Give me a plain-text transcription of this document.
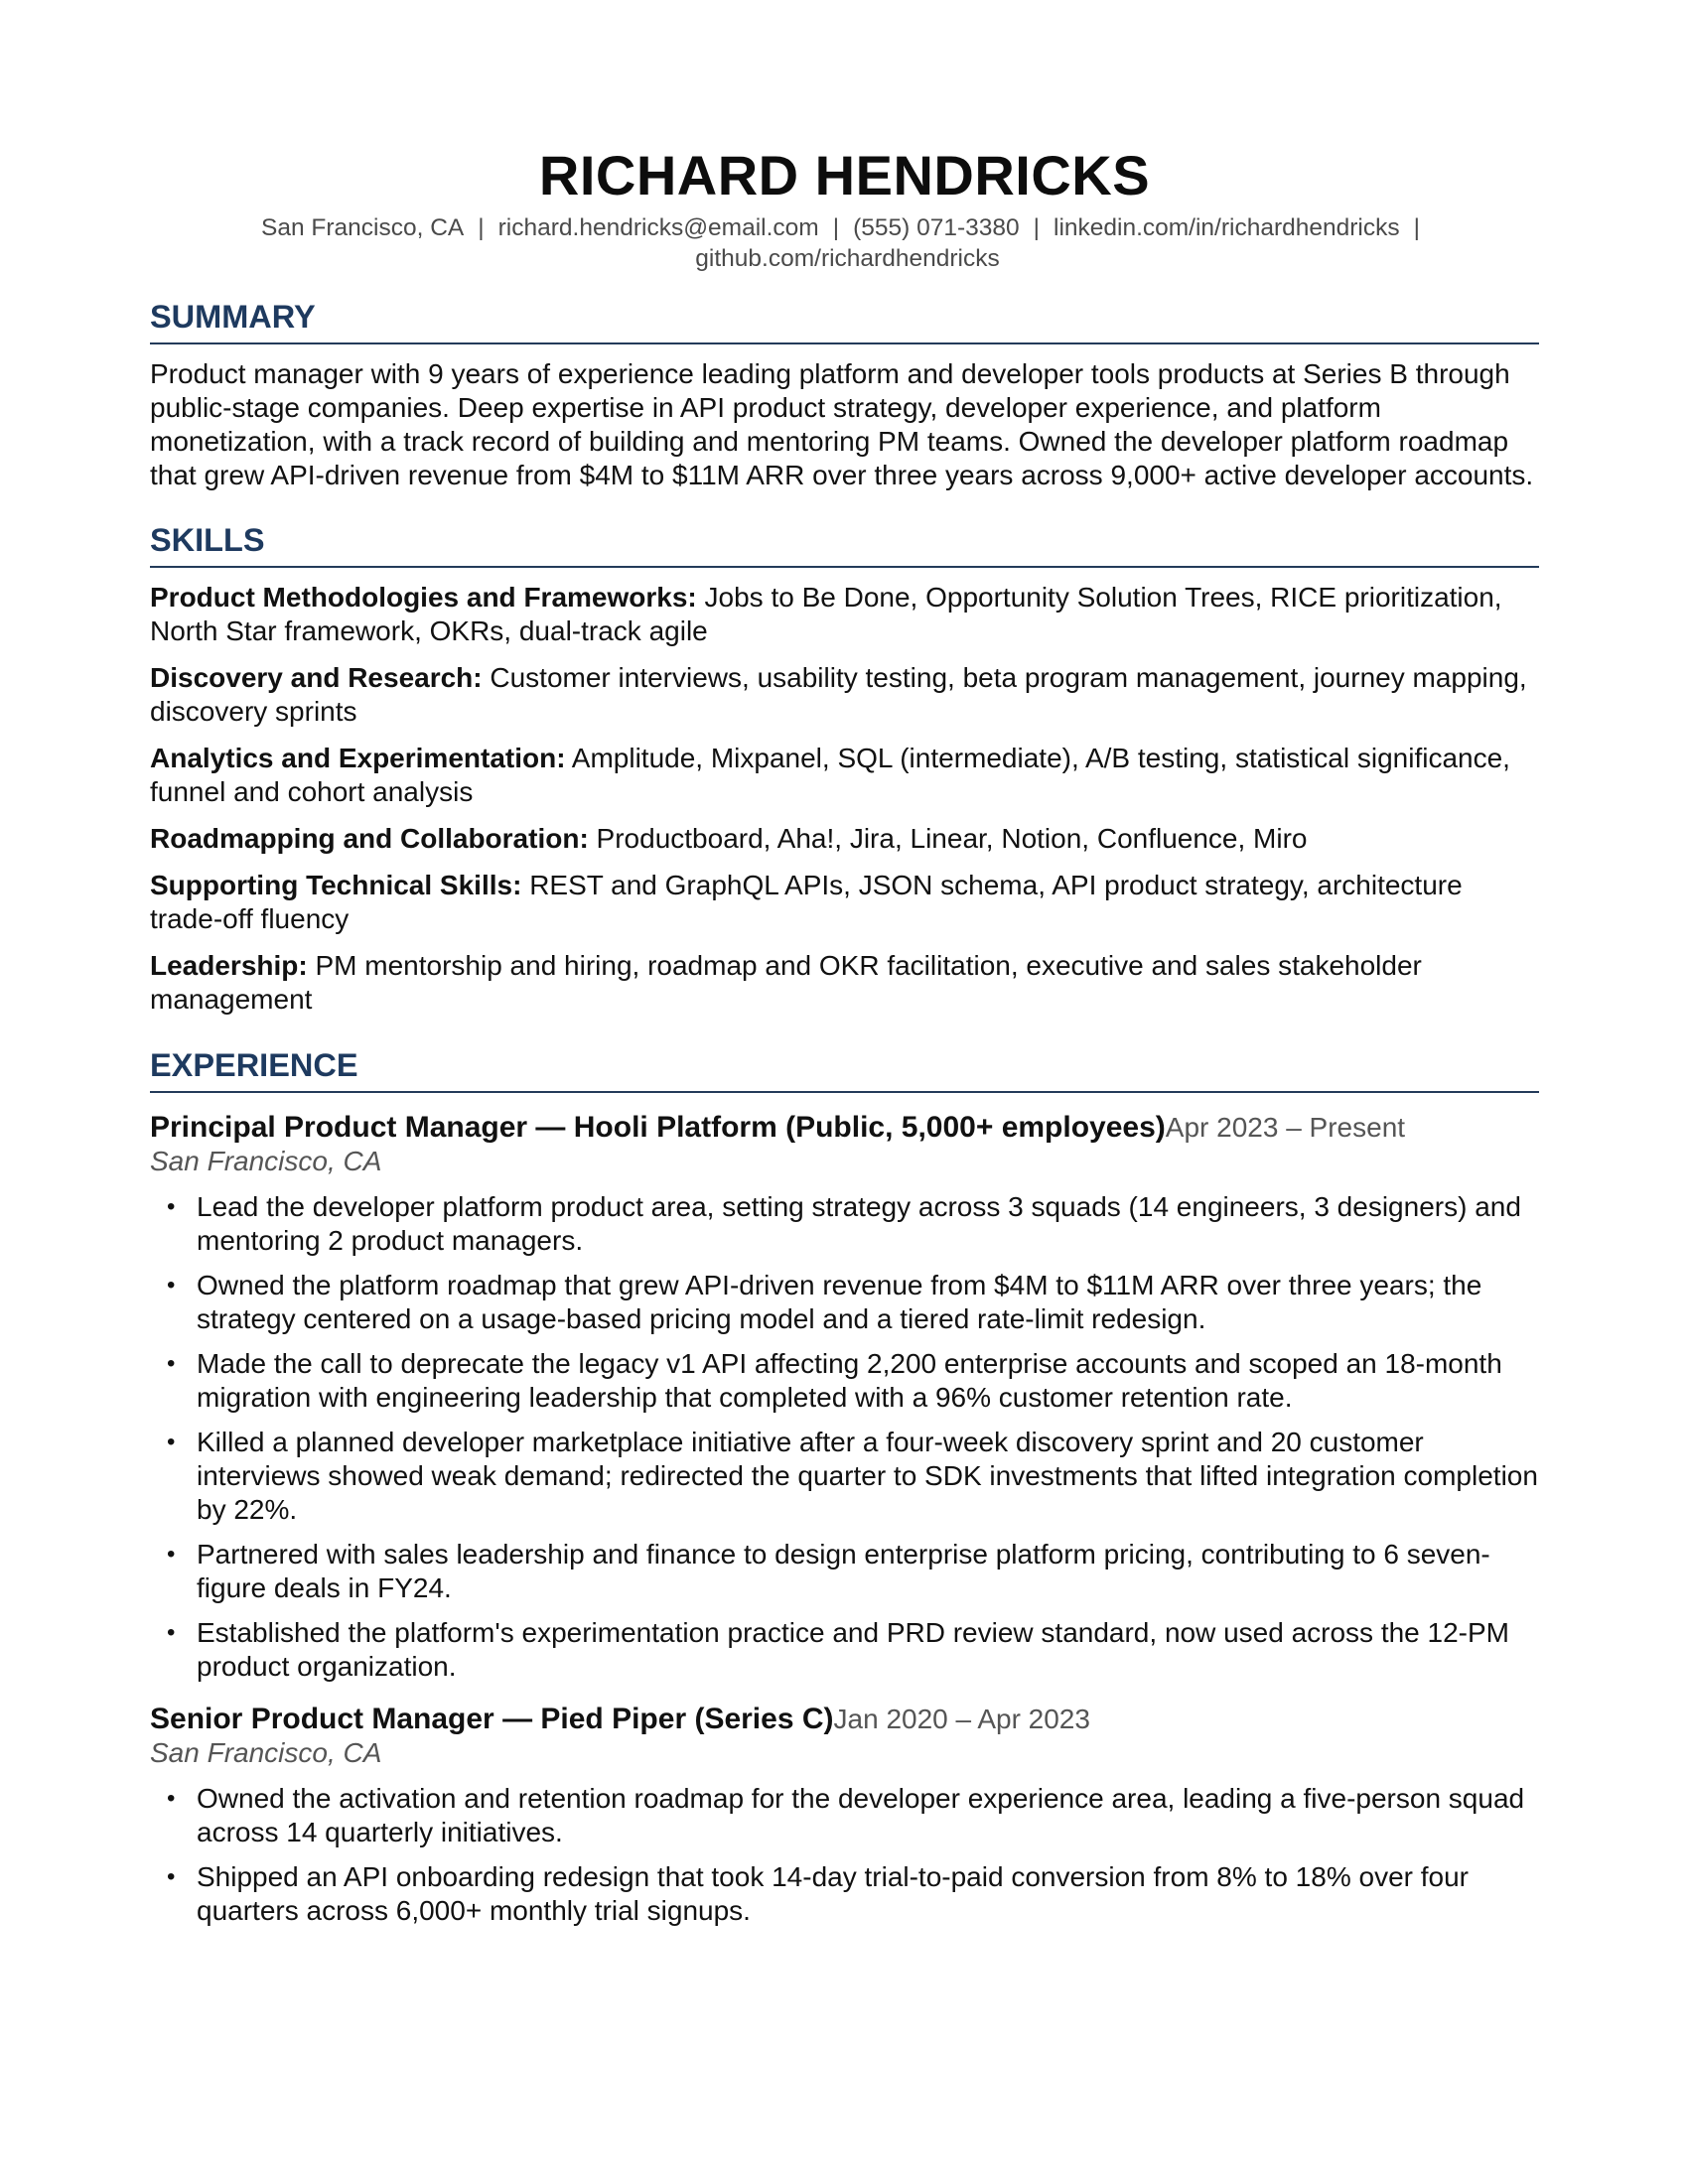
RICHARD HENDRICKS
San Francisco, CA | richard.hendricks@email.com | (555) 071-3380 | linkedin.com/in/richardhendricks |github.com/richardhendricks
SUMMARY

Product manager with 9 years of experience leading platform and developer tools products at Series B through public-stage companies. Deep expertise in API product strategy, developer experience, and platform monetization, with a track record of building and mentoring PM teams. Owned the developer platform roadmap that grew API-driven revenue from $4M to $11M ARR over three years across 9,000+ active developer accounts.

SKILLS

Product Methodologies and Frameworks: Jobs to Be Done, Opportunity Solution Trees, RICE prioritization, North Star framework, OKRs, dual-track agile

Discovery and Research: Customer interviews, usability testing, beta program management, journey mapping, discovery sprints

Analytics and Experimentation: Amplitude, Mixpanel, SQL (intermediate), A/B testing, statistical significance, funnel and cohort analysis

Roadmapping and Collaboration: Productboard, Aha!, Jira, Linear, Notion, Confluence, Miro

Supporting Technical Skills: REST and GraphQL APIs, JSON schema, API product strategy, architecture trade-off fluency

Leadership: PM mentorship and hiring, roadmap and OKR facilitation, executive and sales stakeholder management

EXPERIENCE

Principal Product Manager — Hooli Platform (Public, 5,000+ employees)Apr 2023 – Present

San Francisco, CA

• Lead the developer platform product area, setting strategy across 3 squads (14 engineers, 3 designers) and mentoring 2 product managers.
• Owned the platform roadmap that grew API-driven revenue from $4M to $11M ARR over three years; the strategy centered on a usage-based pricing model and a tiered rate-limit redesign.
• Made the call to deprecate the legacy v1 API affecting 2,200 enterprise accounts and scoped an 18-month migration with engineering leadership that completed with a 96% customer retention rate.
• Killed a planned developer marketplace initiative after a four-week discovery sprint and 20 customer interviews showed weak demand; redirected the quarter to SDK investments that lifted integration completion by 22%.
• Partnered with sales leadership and finance to design enterprise platform pricing, contributing to 6 seven-figure deals in FY24.
• Established the platform's experimentation practice and PRD review standard, now used across the 12-PM product organization.

Senior Product Manager — Pied Piper (Series C)Jan 2020 – Apr 2023

San Francisco, CA

• Owned the activation and retention roadmap for the developer experience area, leading a five-person squad across 14 quarterly initiatives.
• Shipped an API onboarding redesign that took 14-day trial-to-paid conversion from 8% to 18% over four quarters across 6,000+ monthly trial signups.
